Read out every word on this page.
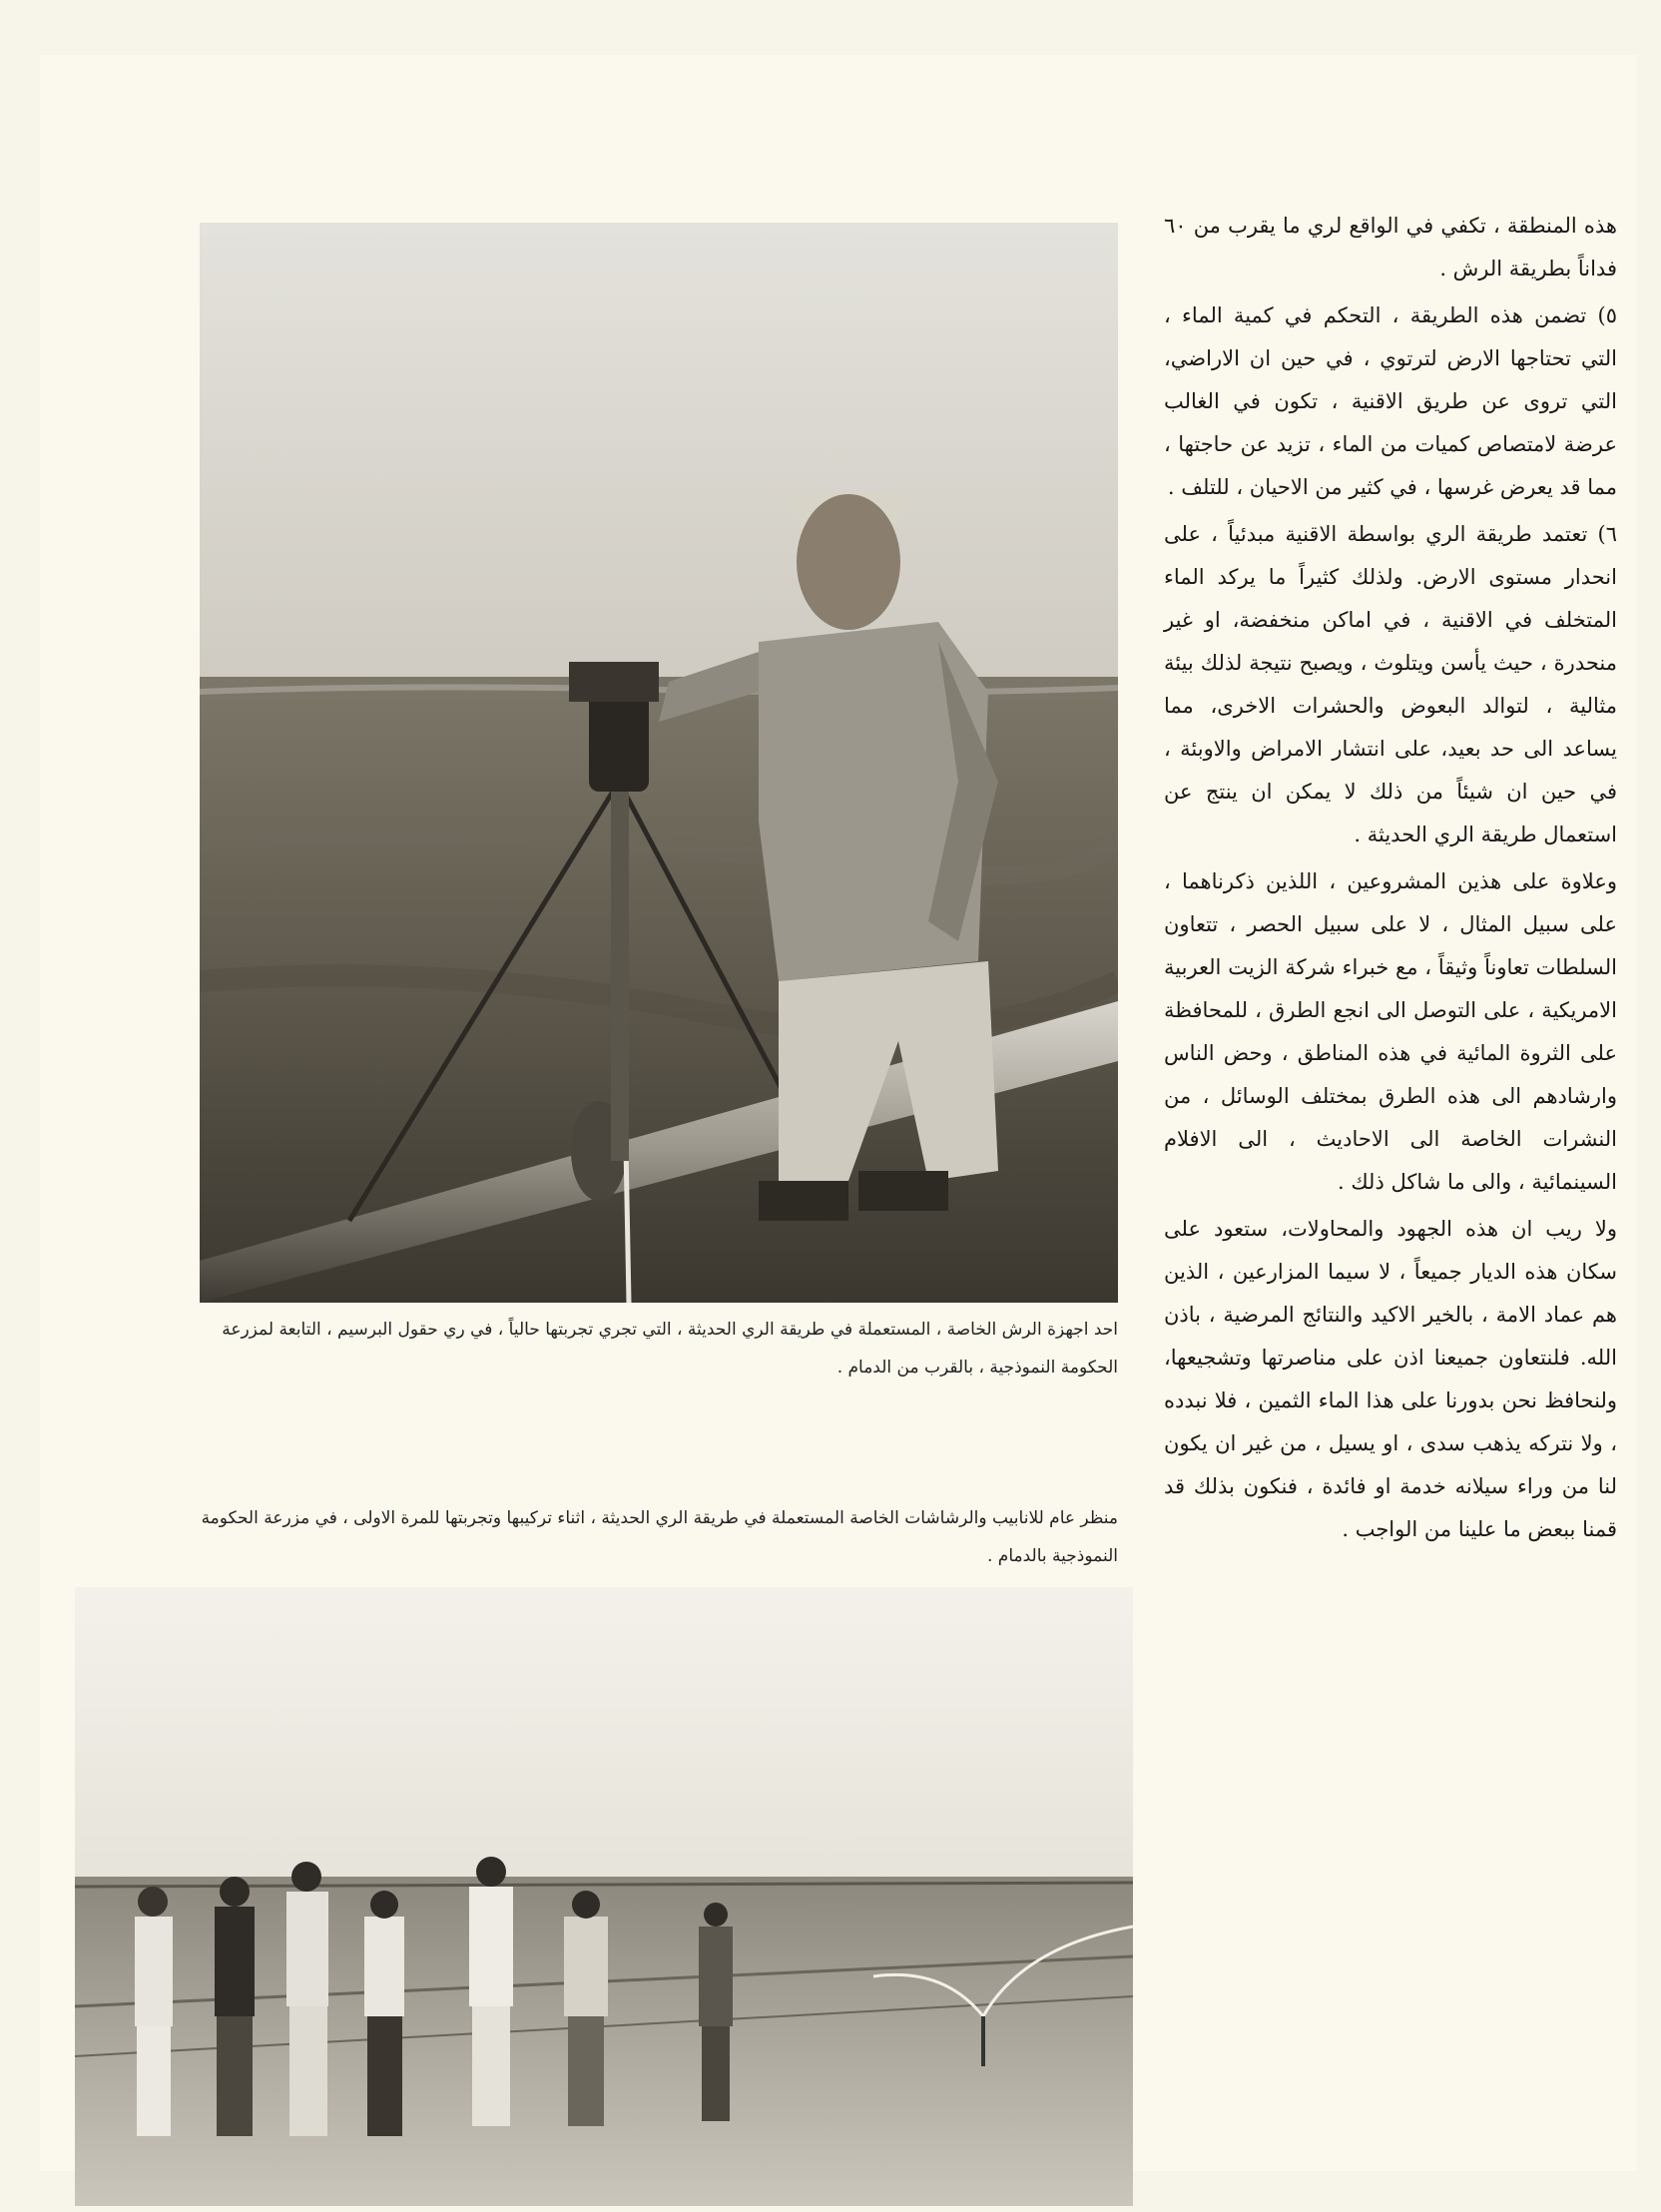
احد اجهزة الرش الخاصة ، المستعملة في طريقة الري الحديثة ، التي تجري تجربتها حالياً ، في ري حقول البرسيم ، التابعة لمزرعة الحكومة النموذجية ، بالقرب من الدمام .
منظر عام للانابيب والرشاشات الخاصة المستعملة في طريقة الري الحديثة ، اثناء تركيبها وتجربتها للمرة الاولى ، في مزرعة الحكومة النموذجية بالدمام .

هذه المنطقة ، تكفي في الواقع لري ما يقرب من ٦٠ فداناً بطريقة الرش .

٥) تضمن هذه الطريقة ، التحكم في كمية الماء ، التي تحتاجها الارض لترتوي ، في حين ان الاراضي، التي تروى عن طريق الاقنية ، تكون في الغالب عرضة لامتصاص كميات من الماء ، تزيد عن حاجتها ، مما قد يعرض غرسها ، في كثير من الاحيان ، للتلف .

٦) تعتمد طريقة الري بواسطة الاقنية مبدئياً ، على انحدار مستوى الارض. ولذلك كثيراً ما يركد الماء المتخلف في الاقنية ، في اماكن منخفضة، او غير منحدرة ، حيث يأسن ويتلوث ، ويصبح نتيجة لذلك بيئة مثالية ، لتوالد البعوض والحشرات الاخرى، مما يساعد الى حد بعيد، على انتشار الامراض والاوبئة ، في حين ان شيئاً من ذلك لا يمكن ان ينتج عن استعمال طريقة الري الحديثة .

وعلاوة على هذين المشروعين ، اللذين ذكرناهما ، على سبيل المثال ، لا على سبيل الحصر ، تتعاون السلطات تعاوناً وثيقاً ، مع خبراء شركة الزيت العربية الامريكية ، على التوصل الى انجع الطرق ، للمحافظة على الثروة المائية في هذه المناطق ، وحض الناس وارشادهم الى هذه الطرق بمختلف الوسائل ، من النشرات الخاصة الى الاحاديث ، الى الافلام السينمائية ، والى ما شاكل ذلك .

ولا ريب ان هذه الجهود والمحاولات، ستعود على سكان هذه الديار جميعاً ، لا سيما المزارعين ، الذين هم عماد الامة ، بالخير الاكيد والنتائج المرضية ، باذن الله. فلنتعاون جميعنا اذن على مناصرتها وتشجيعها، ولنحافظ نحن بدورنا على هذا الماء الثمين ، فلا نبدده ، ولا نتركه يذهب سدى ، او يسيل ، من غير ان يكون لنا من وراء سيلانه خدمة او فائدة ، فنكون بذلك قد قمنا ببعض ما علينا من الواجب .
